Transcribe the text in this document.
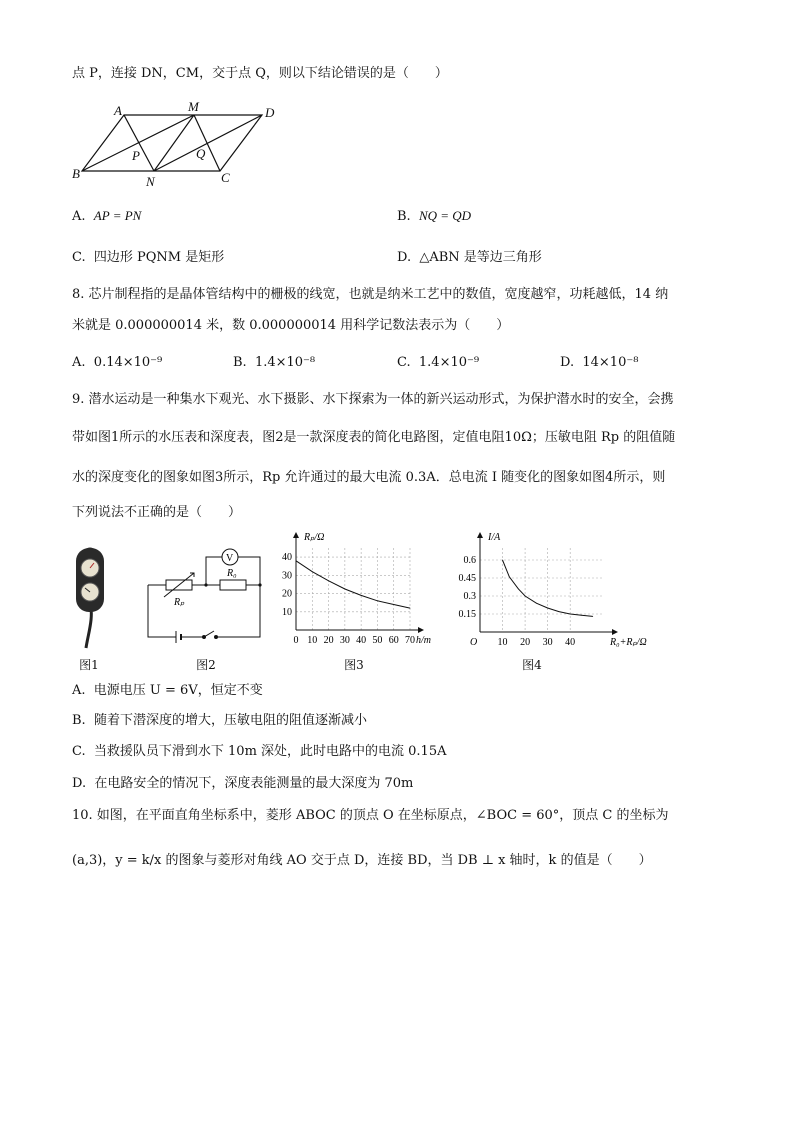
点 P，连接 DN，CM，交于点 Q，则以下结论错误的是（　　）
A	M	D
B
N	C
P	Q
A. AP = PN	B. NQ = QD
C. 四边形 PQNM 是矩形	D. △ABN 是等边三角形
8. 芯片制程指的是晶体管结构中的栅极的线宽，也就是纳米工艺中的数值，宽度越窄，功耗越低，14 纳
米就是 0.000000014 米，数 0.000000014 用科学记数法表示为（　　）
A. 0.14×10⁻⁹	B. 1.4×10⁻⁸	C. 1.4×10⁻⁹	D. 14×10⁻⁸
9. 潜水运动是一种集水下观光、水下摄影、水下探索为一体的新兴运动形式，为保护潜水时的安全，会携
带如图1所示的水压表和深度表，图2是一款深度表的简化电路图，定值电阻10Ω；压敏电阻 Rp 的阻值随
水的深度变化的图象如图3所示，Rp 允许通过的最大电流 0.3A．总电流 I 随变化的图象如图4所示，则
下列说法不正确的是（　　）
图1
V
R₀
Rₚ
图2
0 10 20 30 40 50 60 70
10
20
30
40
Rₚ/Ω
h/m
图3
10 20 30 40
0.15
0.3
0.45
0.6
I/A
R₀+Rₚ/Ω
O
图4
A. 电源电压 U = 6V，恒定不变
B. 随着下潜深度的增大，压敏电阻的阻值逐渐减小
C. 当救援队员下滑到水下 10m 深处，此时电路中的电流 0.15A
D. 在电路安全的情况下，深度表能测量的最大深度为 70m
10. 如图，在平面直角坐标系中，菱形 ABOC 的顶点 O 在坐标原点，∠BOC = 60°，顶点 C 的坐标为
(a,3)，y = k/x 的图象与菱形对角线 AO 交于点 D，连接 BD，当 DB ⊥ x 轴时，k 的值是（　　）
